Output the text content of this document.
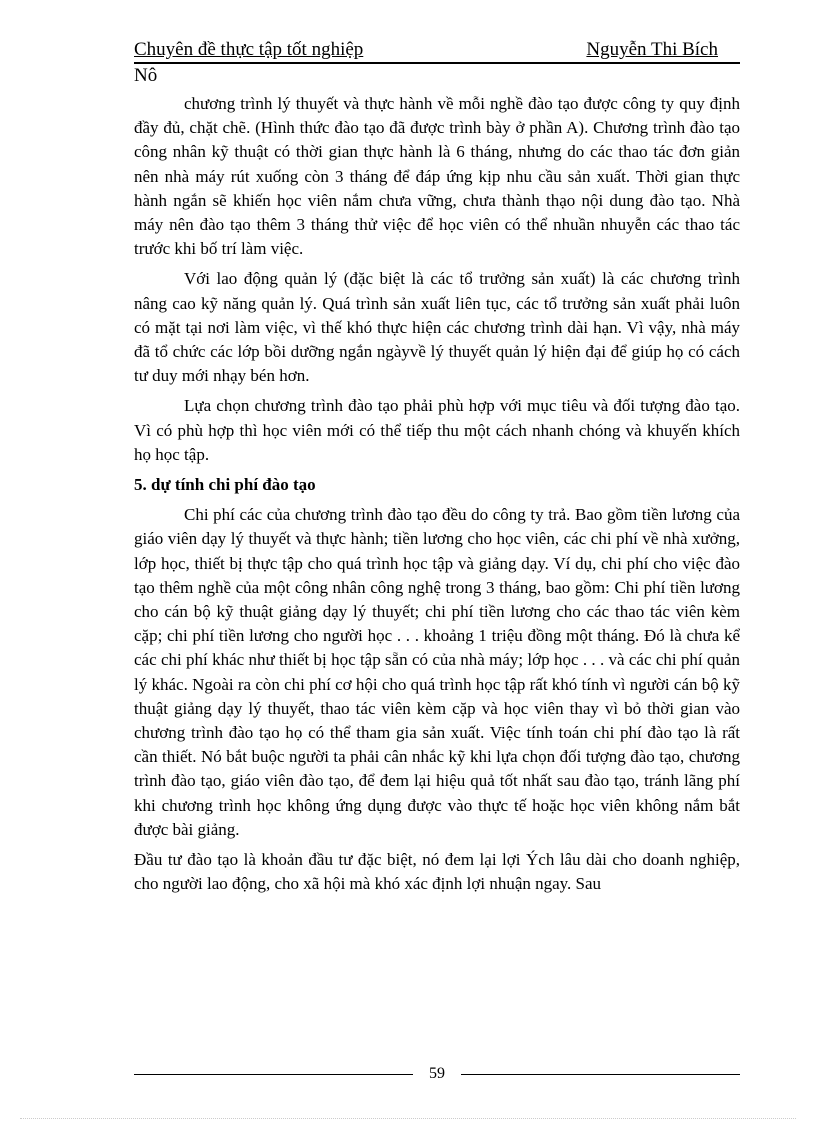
Chuyên đề thực tập tốt nghiệp	Nguyễn Thi Bích
Nô

chương trình lý thuyết và thực hành về mỗi nghề đào tạo được công ty quy định đầy đủ, chặt chẽ. (Hình thức đào tạo đã được trình bày ở phần A). Chương trình đào tạo công nhân kỹ thuật có thời gian thực hành là 6 tháng, nhưng do các thao tác đơn giản nên nhà máy rút xuống còn 3 tháng để đáp ứng kịp nhu cầu sản xuất. Thời gian thực hành ngắn sẽ khiến học viên nắm chưa vững, chưa thành thạo nội dung đào tạo. Nhà máy nên đào tạo thêm 3 tháng thử việc để học viên có thể nhuần nhuyễn các thao tác trước khi bố trí làm việc.

Với lao động quản lý (đặc biệt là các tổ trưởng sản xuất) là các chương trình nâng cao kỹ năng quản lý. Quá trình sản xuất liên tục, các tổ trưởng sản xuất phải luôn có mặt tại nơi làm việc, vì thế khó thực hiện các chương trình dài hạn. Vì vậy, nhà máy đã tổ chức các lớp bồi dưỡng ngắn ngàyvề lý thuyết quản lý hiện đại để giúp họ có cách tư duy mới nhạy bén hơn.

Lựa chọn chương trình đào tạo phải phù hợp với mục tiêu và đối tượng đào tạo. Vì có phù hợp thì học viên mới có thể tiếp thu một cách nhanh chóng và khuyến khích họ học tập.

5. dự tính chi phí đào tạo

Chi phí các của chương trình đào tạo đều do công ty trả. Bao gồm tiền lương của giáo viên dạy lý thuyết và thực hành; tiền lương cho học viên, các chi phí về nhà xưởng, lớp học, thiết bị thực tập cho quá trình học tập và giảng dạy. Ví dụ, chi phí cho việc đào tạo thêm nghề của một công nhân công nghệ trong 3 tháng, bao gồm: Chi phí tiền lương cho cán bộ kỹ thuật giảng dạy lý thuyết; chi phí tiền lương cho các thao tác viên kèm cặp; chi phí tiền lương cho người học . . . khoảng 1 triệu đồng một tháng. Đó là chưa kể các chi phí khác như thiết bị học tập sẵn có của nhà máy; lớp học . . . và các chi phí quản lý khác. Ngoài ra còn chi phí cơ hội cho quá trình học tập rất khó tính vì người cán bộ kỹ thuật giảng dạy lý thuyết, thao tác viên kèm cặp và học viên thay vì bỏ thời gian vào chương trình đào tạo họ có thể tham gia sản xuất. Việc tính toán chi phí đào tạo là rất cần thiết. Nó bắt buộc người ta phải cân nhắc kỹ khi lựa chọn đối tượng đào tạo, chương trình đào tạo, giáo viên đào tạo, để đem lại hiệu quả tốt nhất sau đào tạo, tránh lãng phí khi chương trình học không ứng dụng được vào thực tế hoặc học viên không nắm bắt được bài giảng.

Đầu tư đào tạo là khoản đầu tư đặc biệt, nó đem lại lợi Ých lâu dài cho doanh nghiệp, cho người lao động, cho xã hội mà khó xác định lợi nhuận ngay. Sau

59
